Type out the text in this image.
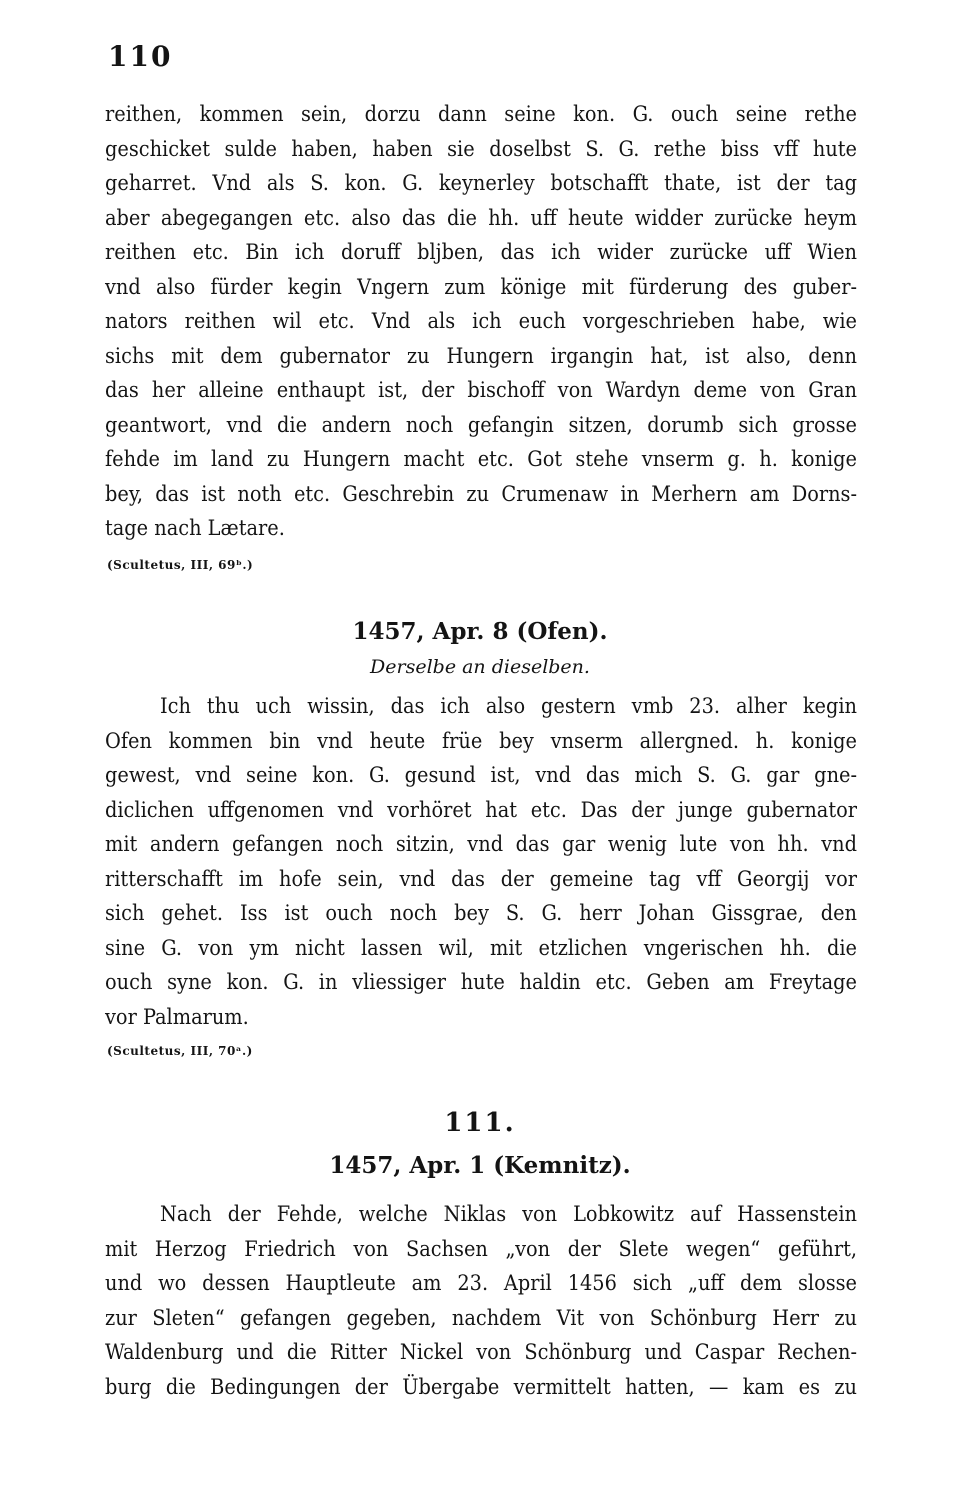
110
reithen, kommen sein, dorzu dann seine kon. G. ouch seine rethe
geschicket sulde haben, haben sie doselbst S. G. rethe biss vff hute
geharret. Vnd als S. kon. G. keynerley botschafft thate, ist der tag
aber abegegangen etc. also das die hh. uff heute widder zurücke heym
reithen etc. Bin ich doruff bljben, das ich wider zurücke uff Wien
vnd also fürder kegin Vngern zum könige mit fürderung des guber-
nators reithen wil etc. Vnd als ich euch vorgeschrieben habe, wie
sichs mit dem gubernator zu Hungern irgangin hat, ist also, denn
das her alleine enthaupt ist, der bischoff von Wardyn deme von Gran
geantwort, vnd die andern noch gefangin sitzen, dorumb sich grosse
fehde im land zu Hungern macht etc. Got stehe vnserm g. h. konige
bey, das ist noth etc. Geschrebin zu Crumenaw in Merhern am Dorns-
tage nach Lætare.
(Scultetus, III, 69ᵇ.)
1457, Apr. 8 (Ofen).
Derselbe an dieselben.
Ich thu uch wissin, das ich also gestern vmb 23. alher kegin
Ofen kommen bin vnd heute früe bey vnserm allergned. h. konige
gewest, vnd seine kon. G. gesund ist, vnd das mich S. G. gar gne-
diclichen uffgenomen vnd vorhöret hat etc. Das der junge gubernator
mit andern gefangen noch sitzin, vnd das gar wenig lute von hh. vnd
ritterschafft im hofe sein, vnd das der gemeine tag vff Georgij vor
sich gehet. Iss ist ouch noch bey S. G. herr Johan Gissgrae, den
sine G. von ym nicht lassen wil, mit etzlichen vngerischen hh. die
ouch syne kon. G. in vliessiger hute haldin etc. Geben am Freytage
vor Palmarum.
(Scultetus, III, 70ᵃ.)
111.
1457, Apr. 1 (Kemnitz).
Nach der Fehde, welche Niklas von Lobkowitz auf Hassenstein
mit Herzog Friedrich von Sachsen „von der Slete wegen“ geführt,
und wo dessen Hauptleute am 23. April 1456 sich „uff dem slosse
zur Sleten“ gefangen gegeben, nachdem Vit von Schönburg Herr zu
Waldenburg und die Ritter Nickel von Schönburg und Caspar Rechen-
burg die Bedingungen der Übergabe vermittelt hatten, — kam es zu
